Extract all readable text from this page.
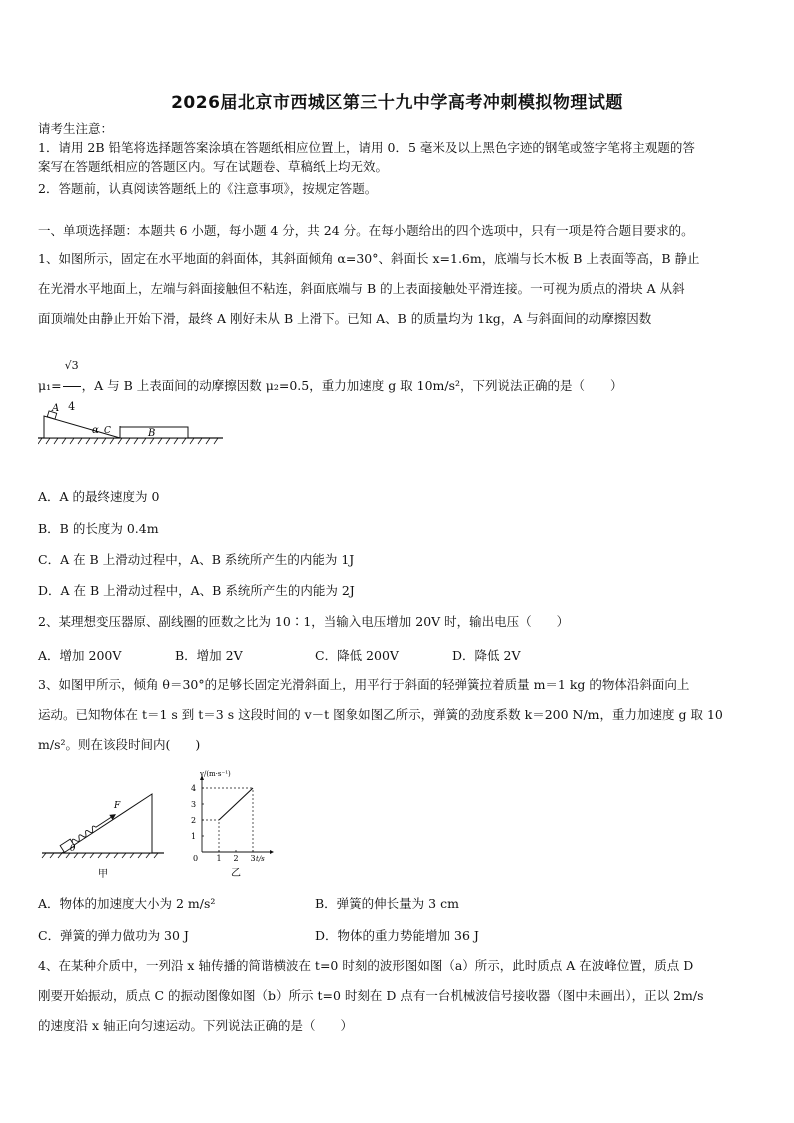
2026届北京市西城区第三十九中学高考冲刺模拟物理试题
请考生注意：
1．请用 2B 铅笔将选择题答案涂填在答题纸相应位置上，请用 0．5 毫米及以上黑色字迹的钢笔或签字笔将主观题的答
案写在答题纸相应的答题区内。写在试题卷、草稿纸上均无效。
2．答题前，认真阅读答题纸上的《注意事项》，按规定答题。
一、单项选择题：本题共 6 小题，每小题 4 分，共 24 分。在每小题给出的四个选项中，只有一项是符合题目要求的。
1、如图所示，固定在水平地面的斜面体，其斜面倾角 α=30°、斜面长 x=1.6m，底端与长木板 B 上表面等高，B 静止
在光滑水平地面上，左端与斜面接触但不粘连，斜面底端与 B 的上表面接触处平滑连接。一可视为质点的滑块 A 从斜
面顶端处由静止开始下滑，最终 A 刚好未从 B 上滑下。已知 A、B 的质量均为 1kg，A 与斜面间的动摩擦因数
$\mu_1= \frac{√3}{4}$ ，A 与 B 上表面间的动摩擦因数 μ₂=0.5，重力加速度 g 取 10m/s²，下列说法正确的是（　　）
A
α C	B
A．A 的最终速度为 0
B．B 的长度为 0.4m
C．A 在 B 上滑动过程中，A、B 系统所产生的内能为 1J
D．A 在 B 上滑动过程中，A、B 系统所产生的内能为 2J
2、某理想变压器原、副线圈的匝数之比为 10∶1，当输入电压增加 20V 时，输出电压（　　）
A．增加 200V	B．增加 2V	C．降低 200V	D．降低 2V
3、如图甲所示，倾角 θ＝30°的足够长固定光滑斜面上，用平行于斜面的轻弹簧拉着质量 m＝1 kg 的物体沿斜面向上
运动。已知物体在 t＝1 s 到 t＝3 s 这段时间的 v－t 图象如图乙所示，弹簧的劲度系数 k＝200 N/m，重力加速度 g 取 10
m/s²。则在该段时间内(　　)
F
θ
甲
v/(m·s⁻¹)
t/s
乙
4
3
2
1
0 1 2 3
A．物体的加速度大小为 2 m/s²	B．弹簧的伸长量为 3 cm
C．弹簧的弹力做功为 30 J	D．物体的重力势能增加 36 J
4、在某种介质中，一列沿 x 轴传播的简谐横波在 t=0 时刻的波形图如图（a）所示，此时质点 A 在波峰位置，质点 D
刚要开始振动，质点 C 的振动图像如图（b）所示 t=0 时刻在 D 点有一台机械波信号接收器（图中未画出），正以 2m/s
的速度沿 x 轴正向匀速运动。下列说法正确的是（　　）
